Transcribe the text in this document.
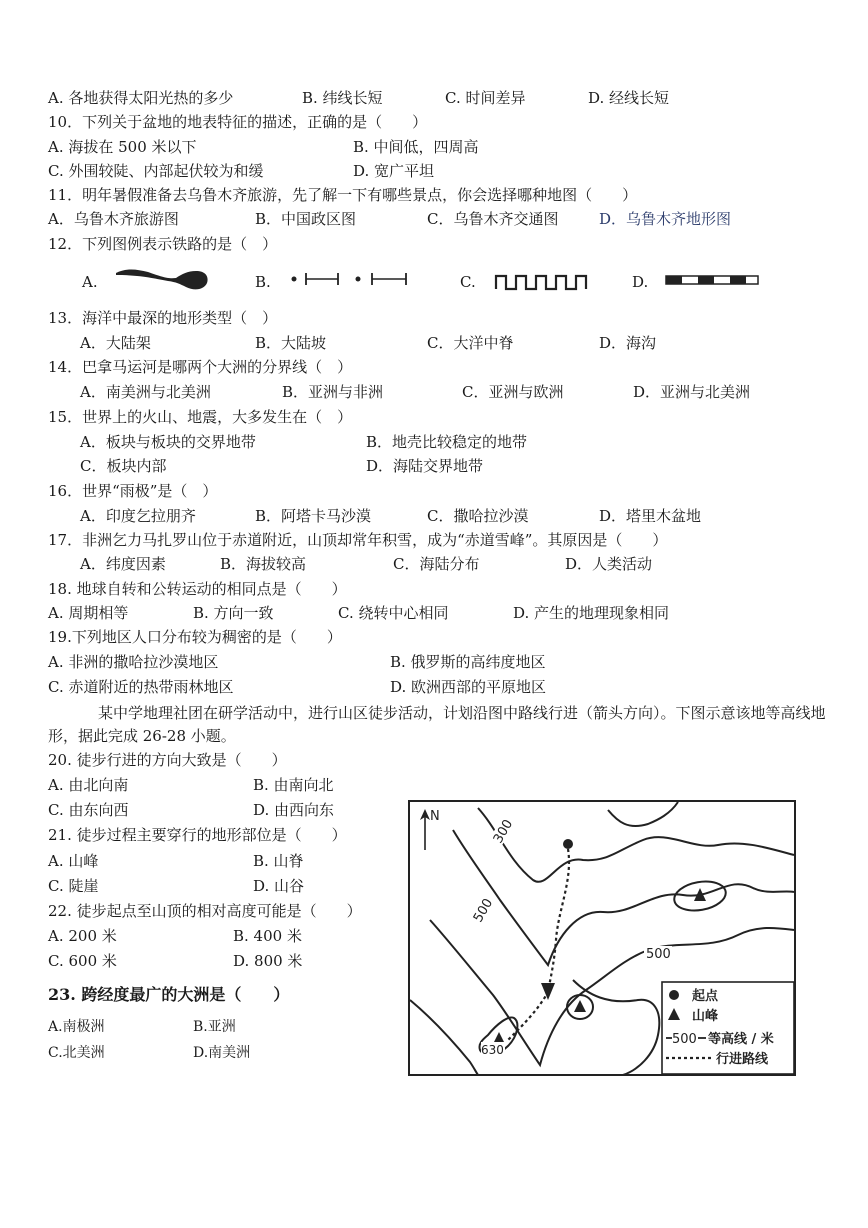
A. 各地获得太阳光热的多少	B. 纬线长短	C. 时间差异	D. 经线长短
10．下列关于盆地的地表特征的描述，正确的是（　　）
A. 海拔在 500 米以下	B. 中间低，四周高
C. 外围较陡、内部起伏较为和缓	D. 宽广平坦
11．明年暑假准备去乌鲁木齐旅游，先了解一下有哪些景点，你会选择哪种地图（　　）
A．乌鲁木齐旅游图	B．中国政区图	C．乌鲁木齐交通图	D．乌鲁木齐地形图
12．下列图例表示铁路的是（　）
A.	B.	C.	D.
13．海洋中最深的地形类型（　）
A．大陆架	B．大陆坡	C．大洋中脊	D．海沟
14．巴拿马运河是哪两个大洲的分界线（　）
A．南美洲与北美洲	B．亚洲与非洲	C．亚洲与欧洲	D．亚洲与北美洲
15．世界上的火山、地震，大多发生在（　）
A．板块与板块的交界地带	B．地壳比较稳定的地带
C．板块内部	D．海陆交界地带
16．世界“雨极”是（　）
A．印度乞拉朋齐	B．阿塔卡马沙漠	C．撒哈拉沙漠	D．塔里木盆地
17．非洲乞力马扎罗山位于赤道附近，山顶却常年积雪，成为“赤道雪峰”。其原因是（　　）
A．纬度因素	B．海拔较高	C．海陆分布	D．人类活动
18. 地球自转和公转运动的相同点是（　　）
A. 周期相等	B. 方向一致	C. 绕转中心相同	D. 产生的地理现象相同
19.下列地区人口分布较为稠密的是（　　）
A. 非洲的撒哈拉沙漠地区	B. 俄罗斯的高纬度地区
C. 赤道附近的热带雨林地区	D. 欧洲西部的平原地区
某中学地理社团在研学活动中，进行山区徒步活动，计划沿图中路线行进（箭头方向）。下图示意该地等高线地形，据此完成 26-28 小题。
20. 徒步行进的方向大致是（　　）
A. 由北向南	B. 由南向北
C. 由东向西	D. 由西向东
21. 徒步过程主要穿行的地形部位是（　　）
A. 山峰	B. 山脊
C. 陡崖	D. 山谷
22. 徒步起点至山顶的相对高度可能是（　　）
A. 200 米	B. 400 米
C. 600 米	D. 800 米
23. 跨经度最广的大洲是（　　）
A.南极洲	B.亚洲
C.北美洲	D.南美洲
N
300
500
500
630
起点
山峰
500 等高线 / 米
行进路线
